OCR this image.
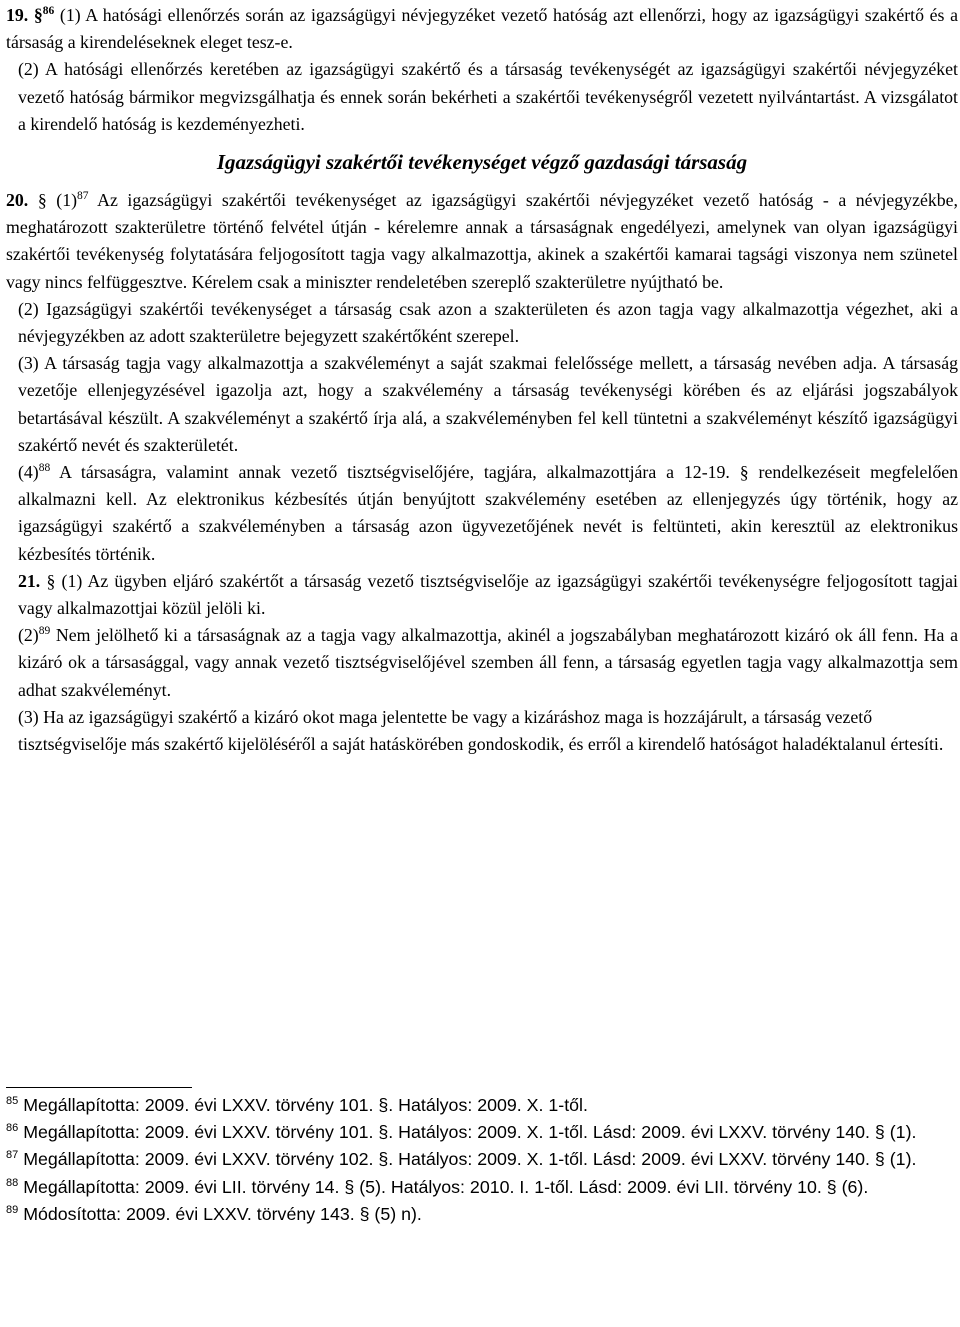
19. §$^{86}$ (1) A hatósági ellenőrzés során az igazságügyi névjegyzéket vezető hatóság azt ellenőrzi, hogy az igazságügyi szakértő és a társaság a kirendeléseknek eleget tesz-e.

(2) A hatósági ellenőrzés keretében az igazságügyi szakértő és a társaság tevékenységét az igazságügyi szakértői névjegyzéket vezető hatóság bármikor megvizsgálhatja és ennek során bekérheti a szakértői tevékenységről vezetett nyilvántartást. A vizsgálatot a kirendelő hatóság is kezdeményezheti.

Igazságügyi szakértői tevékenységet végző gazdasági társaság

20. § $(1)^{87}$ Az igazságügyi szakértői tevékenységet az igazságügyi szakértői névjegyzéket vezető hatóság - a névjegyzékbe, meghatározott szakterületre történő felvétel útján - kérelemre annak a társaságnak engedélyezi, amelynek van olyan igazságügyi szakértői tevékenység folytatására feljogosított tagja vagy alkalmazottja, akinek a szakértői kamarai tagsági viszonya nem szünetel vagy nincs felfüggesztve. Kérelem csak a miniszter rendeletében szereplő szakterületre nyújtható be.

(2) Igazságügyi szakértői tevékenységet a társaság csak azon a szakterületen és azon tagja vagy alkalmazottja végezhet, aki a névjegyzékben az adott szakterületre bejegyzett szakértőként szerepel.

(3) A társaság tagja vagy alkalmazottja a szakvéleményt a saját szakmai felelőssége mellett, a társaság nevében adja. A társaság vezetője ellenjegyzésével igazolja azt, hogy a szakvélemény a társaság tevékenységi körében és az eljárási jogszabályok betartásával készült. A szakvéleményt a szakértő írja alá, a szakvéleményben fel kell tüntetni a szakvéleményt készítő igazságügyi szakértő nevét és szakterületét.

$(4)^{88}$ A társaságra, valamint annak vezető tisztségviselőjére, tagjára, alkalmazottjára a 12-19. § rendelkezéseit megfelelően alkalmazni kell. Az elektronikus kézbesítés útján benyújtott szakvélemény esetében az ellenjegyzés úgy történik, hogy az igazságügyi szakértő a szakvéleményben a társaság azon ügyvezetőjének nevét is feltünteti, akin keresztül az elektronikus kézbesítés történik.

21. § (1) Az ügyben eljáró szakértőt a társaság vezető tisztségviselője az igazságügyi szakértői tevékenységre feljogosított tagjai vagy alkalmazottjai közül jelöli ki.

$(2)^{89}$ Nem jelölhető ki a társaságnak az a tagja vagy alkalmazottja, akinél a jogszabályban meghatározott kizáró ok áll fenn. Ha a kizáró ok a társasággal, vagy annak vezető tisztségviselőjével szemben áll fenn, a társaság egyetlen tagja vagy alkalmazottja sem adhat szakvéleményt.

(3) Ha az igazságügyi szakértő a kizáró okot maga jelentette be vagy a kizáráshoz maga is hozzájárult, a társaság vezető tisztségviselője más szakértő kijelöléséről a saját hatáskörében gondoskodik, és erről a kirendelő hatóságot haladéktalanul értesíti.

$^{85}$ Megállapította: 2009. évi LXXV. törvény 101. §. Hatályos: 2009. X. 1-től.

$^{86}$ Megállapította: 2009. évi LXXV. törvény 101. §. Hatályos: 2009. X. 1-től. Lásd: 2009. évi LXXV. törvény 140. § (1).

$^{87}$ Megállapította: 2009. évi LXXV. törvény 102. §. Hatályos: 2009. X. 1-től. Lásd: 2009. évi LXXV. törvény 140. § (1).

$^{88}$ Megállapította: 2009. évi LII. törvény 14. § (5). Hatályos: 2010. I. 1-től. Lásd: 2009. évi LII. törvény 10. § (6).

$^{89}$ Módosította: 2009. évi LXXV. törvény 143. § (5) n).
